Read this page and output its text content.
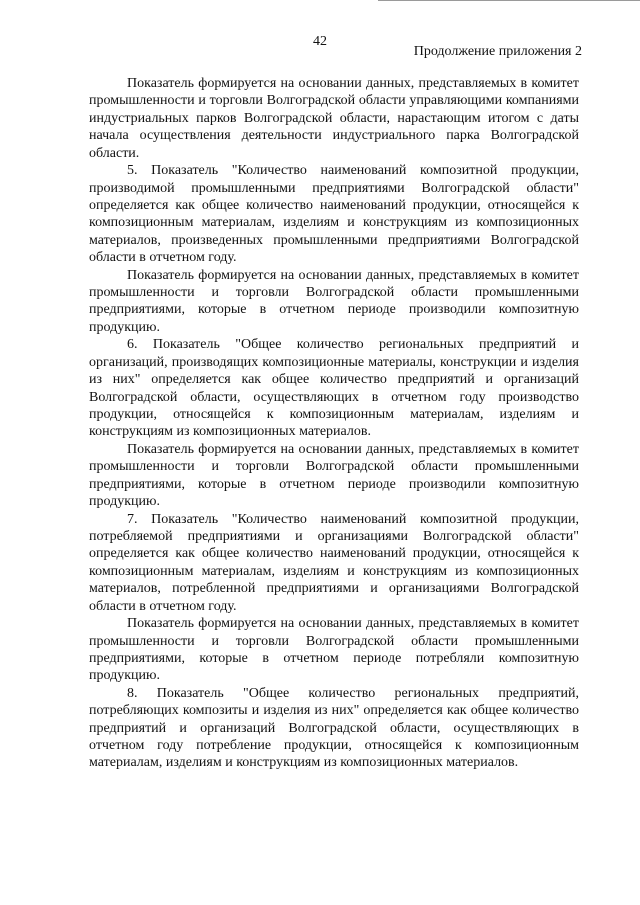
42
Продолжение приложения 2

Показатель формируется на основании данных, представляемых в комитет промышленности и торговли Волгоградской области управляющими компаниями индустриальных парков Волгоградской области, нарастающим итогом с даты начала осуществления деятельности индустриального парка Волгоградской области.

5. Показатель "Количество наименований композитной продукции, производимой промышленными предприятиями Волгоградской области" определяется как общее количество наименований продукции, относящейся к композиционным материалам, изделиям и конструкциям из композиционных материалов, произведенных промышленными предприятиями Волгоградской области в отчетном году.

Показатель формируется на основании данных, представляемых в комитет промышленности и торговли Волгоградской области промышленными предприятиями, которые в отчетном периоде производили композитную продукцию.

6. Показатель "Общее количество региональных предприятий и организаций, производящих композиционные материалы, конструкции и изделия из них" определяется как общее количество предприятий и организаций Волгоградской области, осуществляющих в отчетном году производство продукции, относящейся к композиционным материалам, изделиям и конструкциям из композиционных материалов.

Показатель формируется на основании данных, представляемых в комитет промышленности и торговли Волгоградской области промышленными предприятиями, которые в отчетном периоде производили композитную продукцию.

7. Показатель "Количество наименований композитной продукции, потребляемой предприятиями и организациями Волгоградской области" определяется как общее количество наименований продукции, относящейся к композиционным материалам, изделиям и конструкциям из композиционных материалов, потребленной предприятиями и организациями Волгоградской области в отчетном году.

Показатель формируется на основании данных, представляемых в комитет промышленности и торговли Волгоградской области промышленными предприятиями, которые в отчетном периоде потребляли композитную продукцию.

8. Показатель "Общее количество региональных предприятий, потребляющих композиты и изделия из них" определяется как общее количество предприятий и организаций Волгоградской области, осуществляющих в отчетном году потребление продукции, относящейся к композиционным материалам, изделиям и конструкциям из композиционных материалов.
